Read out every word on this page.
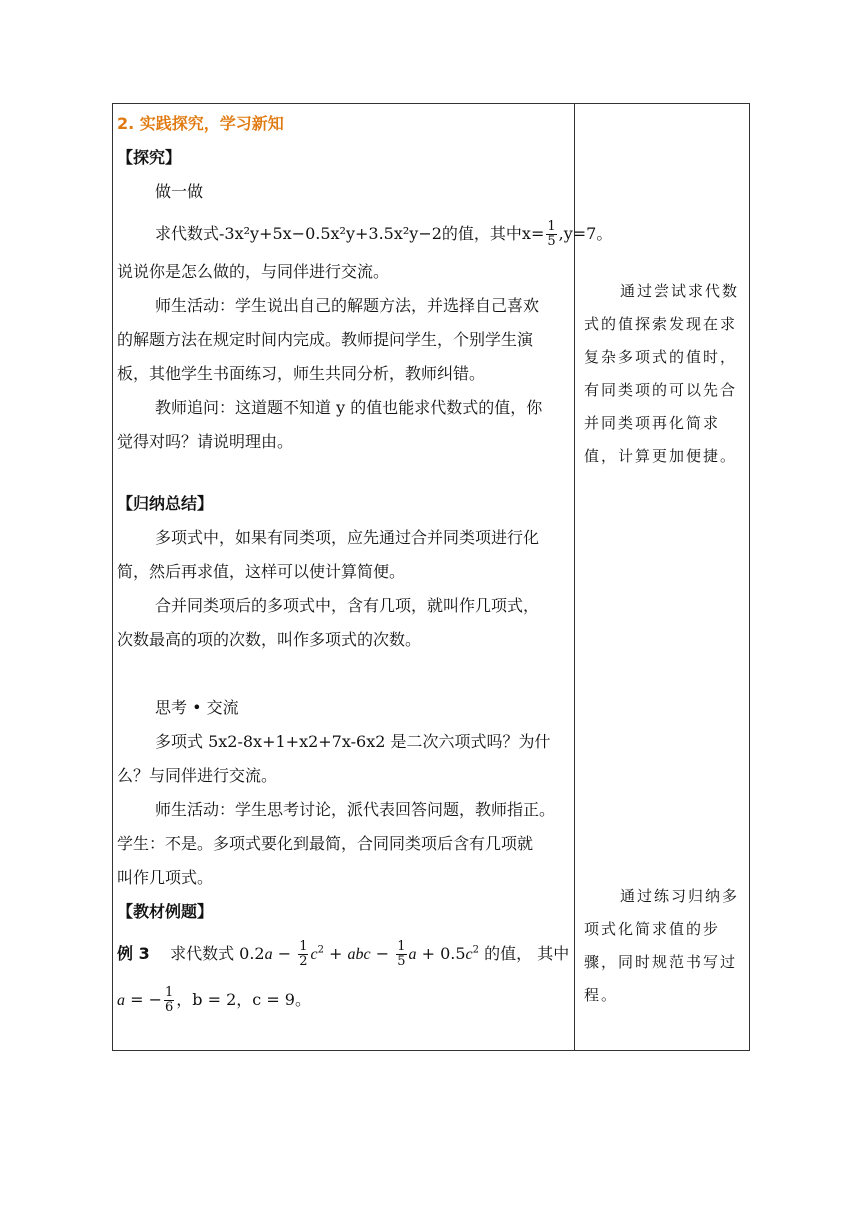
2. 实践探究，学习新知
【探究】
做一做
求代数式-3x²y+5x−0.5x²y+3.5x²y−2的值，其中$x= \frac{1}{5} ,y=7$。
说说你是怎么做的，与同伴进行交流。
师生活动：学生说出自己的解题方法，并选择自己喜欢
的解题方法在规定时间内完成。教师提问学生，个别学生演
板，其他学生书面练习，师生共同分析，教师纠错。
教师追问：这道题不知道 y 的值也能求代数式的值，你
觉得对吗？请说明理由。
【归纳总结】
多项式中，如果有同类项，应先通过合并同类项进行化
简，然后再求值，这样可以使计算简便。
合并同类项后的多项式中，含有几项，就叫作几项式，
次数最高的项的次数，叫作多项式的次数。
思考 • 交流
多项式 5x2-8x+1+x2+7x-6x2 是二次六项式吗？为什
么？与同伴进行交流。
师生活动：学生思考讨论，派代表回答问题，教师指正。
学生：不是。多项式要化到最简，合同同类项后含有几项就
叫作几项式。
【教材例题】
例 3 求代数式 $0.2a - \frac{1}{2} c^2$ + abc − $\frac{1}{5}$ $a + 0.5c^2$ 的值， 其中
a = − $\frac{1}{6}$ ，b = 2，c = 9。
通过尝试求代数
式的值探索发现在求
复杂多项式的值时，
有同类项的可以先合
并同类项再化简求
值，计算更加便捷。
通过练习归纳多
项式化简求值的步
骤，同时规范书写过
程。
